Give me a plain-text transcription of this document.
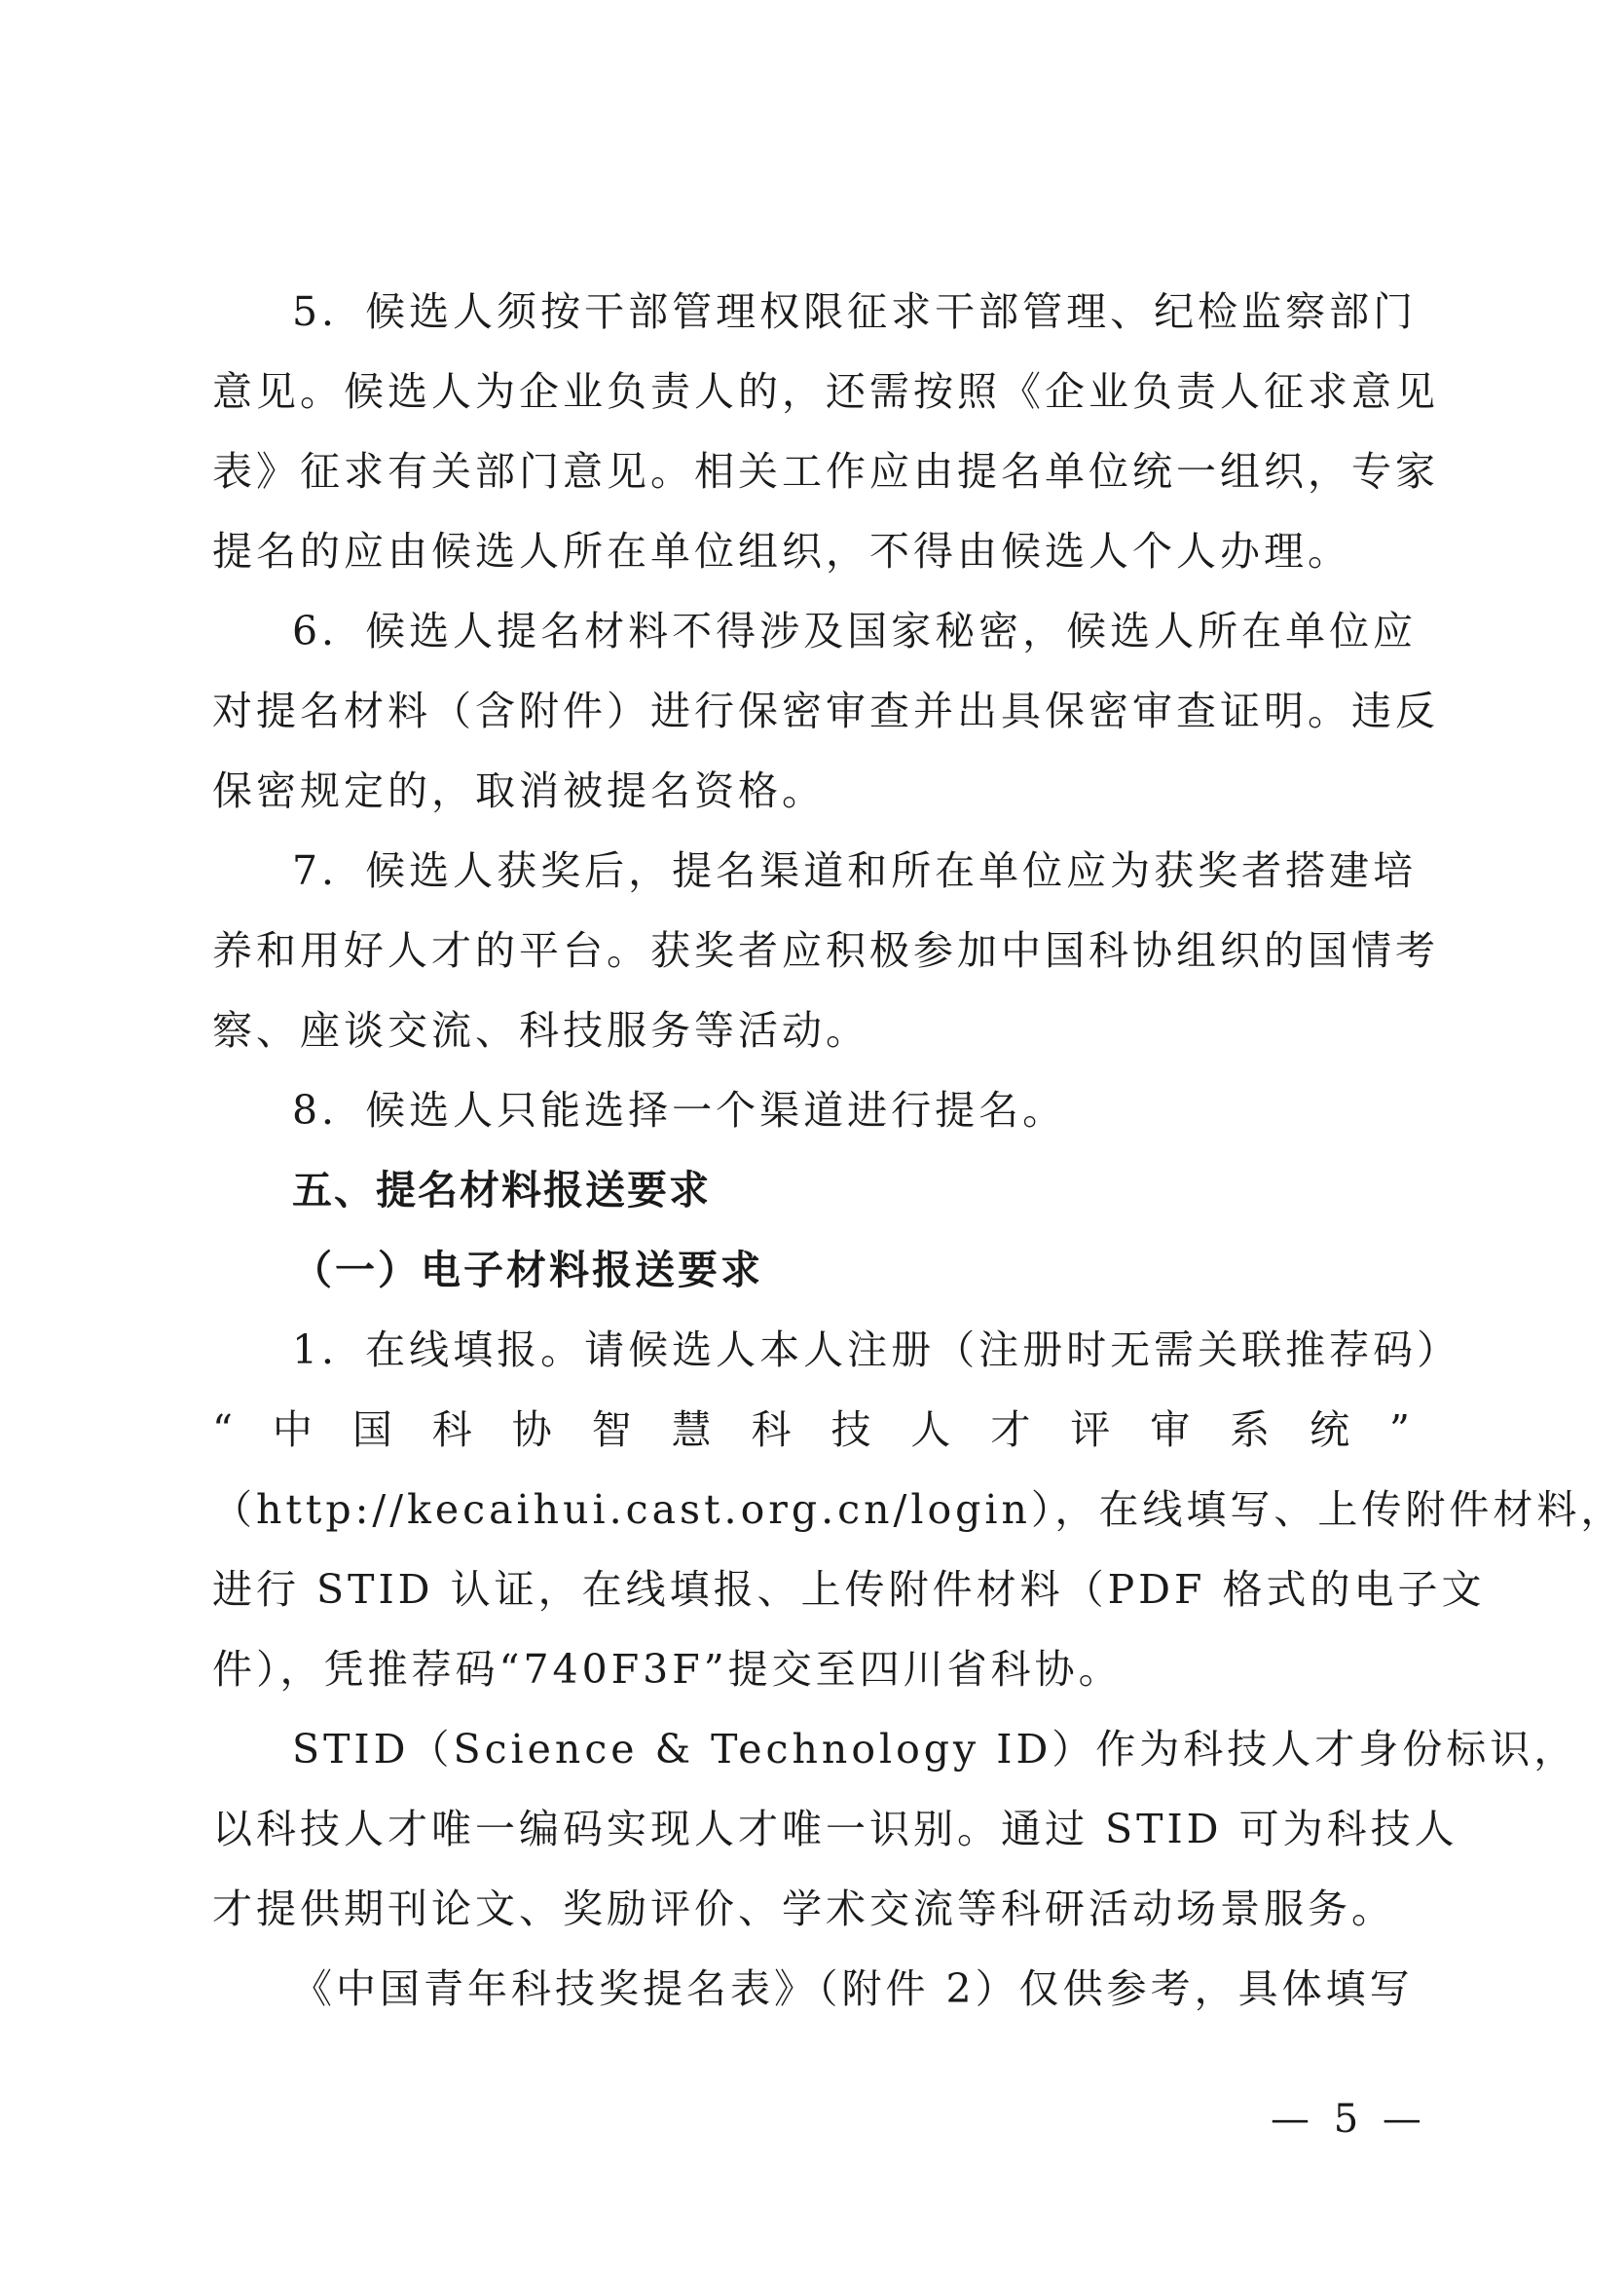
5．候选人须按干部管理权限征求干部管理、纪检监察部门
意见。候选人为企业负责人的，还需按照《企业负责人征求意见
表》征求有关部门意见。相关工作应由提名单位统一组织，专家
提名的应由候选人所在单位组织，不得由候选人个人办理。
6．候选人提名材料不得涉及国家秘密，候选人所在单位应
对提名材料（含附件）进行保密审查并出具保密审查证明。违反
保密规定的，取消被提名资格。
7．候选人获奖后，提名渠道和所在单位应为获奖者搭建培
养和用好人才的平台。获奖者应积极参加中国科协组织的国情考
察、座谈交流、科技服务等活动。
8．候选人只能选择一个渠道进行提名。
五、提名材料报送要求
（一）电子材料报送要求
1．在线填报。请候选人本人注册（注册时无需关联推荐码）
“ 中 国 科 协 智 慧 科 技 人 才 评 审 系 统 ”
（http://kecaihui.cast.org.cn/login），在线填写、上传附件材料，
进行 STID 认证，在线填报、上传附件材料（PDF 格式的电子文
件），凭推荐码“740F3F”提交至四川省科协。
STID（Science & Technology ID）作为科技人才身份标识，
以科技人才唯一编码实现人才唯一识别。通过 STID 可为科技人
才提供期刊论文、奖励评价、学术交流等科研活动场景服务。
《中国青年科技奖提名表》（附件 2）仅供参考，具体填写
— 5 —
